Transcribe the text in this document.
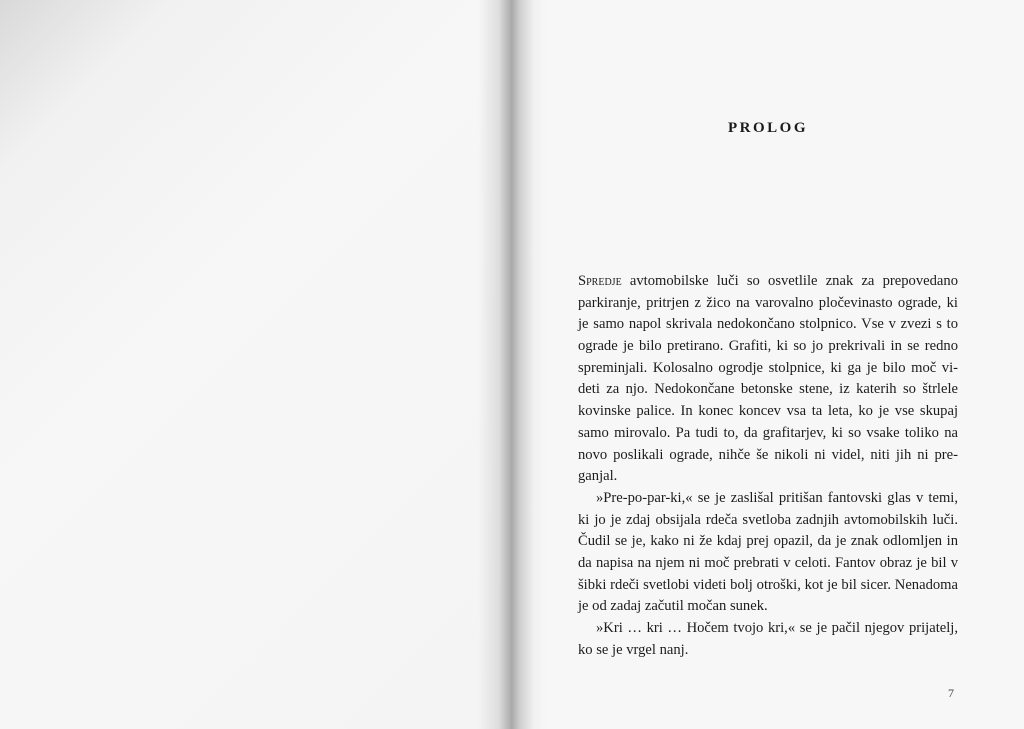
PROLOG
Spredje avtomobilske luči so osvetlile znak za prepovedano
parkiranje, pritrjen z žico na varovalno pločevinasto ograde, ki
je samo napol skrivala nedokončano stolpnico. Vse v zvezi s to
ograde je bilo pretirano. Grafiti, ki so jo prekrivali in se redno
spreminjali. Kolosalno ogrodje stolpnice, ki ga je bilo moč vi-
deti za njo. Nedokončane betonske stene, iz katerih so štrlele
kovinske palice. In konec koncev vsa ta leta, ko je vse skupaj
samo mirovalo. Pa tudi to, da grafitarjev, ki so vsake toliko na
novo poslikali ograde, nihče še nikoli ni videl, niti jih ni pre-
ganjal.
»Pre-po-par-ki,« se je zaslišal pritišan fantovski glas v temi,
ki jo je zdaj obsijala rdeča svetloba zadnjih avtomobilskih luči.
Čudil se je, kako ni že kdaj prej opazil, da je znak odlomljen in
da napisa na njem ni moč prebrati v celoti. Fantov obraz je bil v
šibki rdeči svetlobi videti bolj otroški, kot je bil sicer. Nenadoma
je od zadaj začutil močan sunek.
»Kri … kri … Hočem tvojo kri,« se je pačil njegov prijatelj,
ko se je vrgel nanj.
7
